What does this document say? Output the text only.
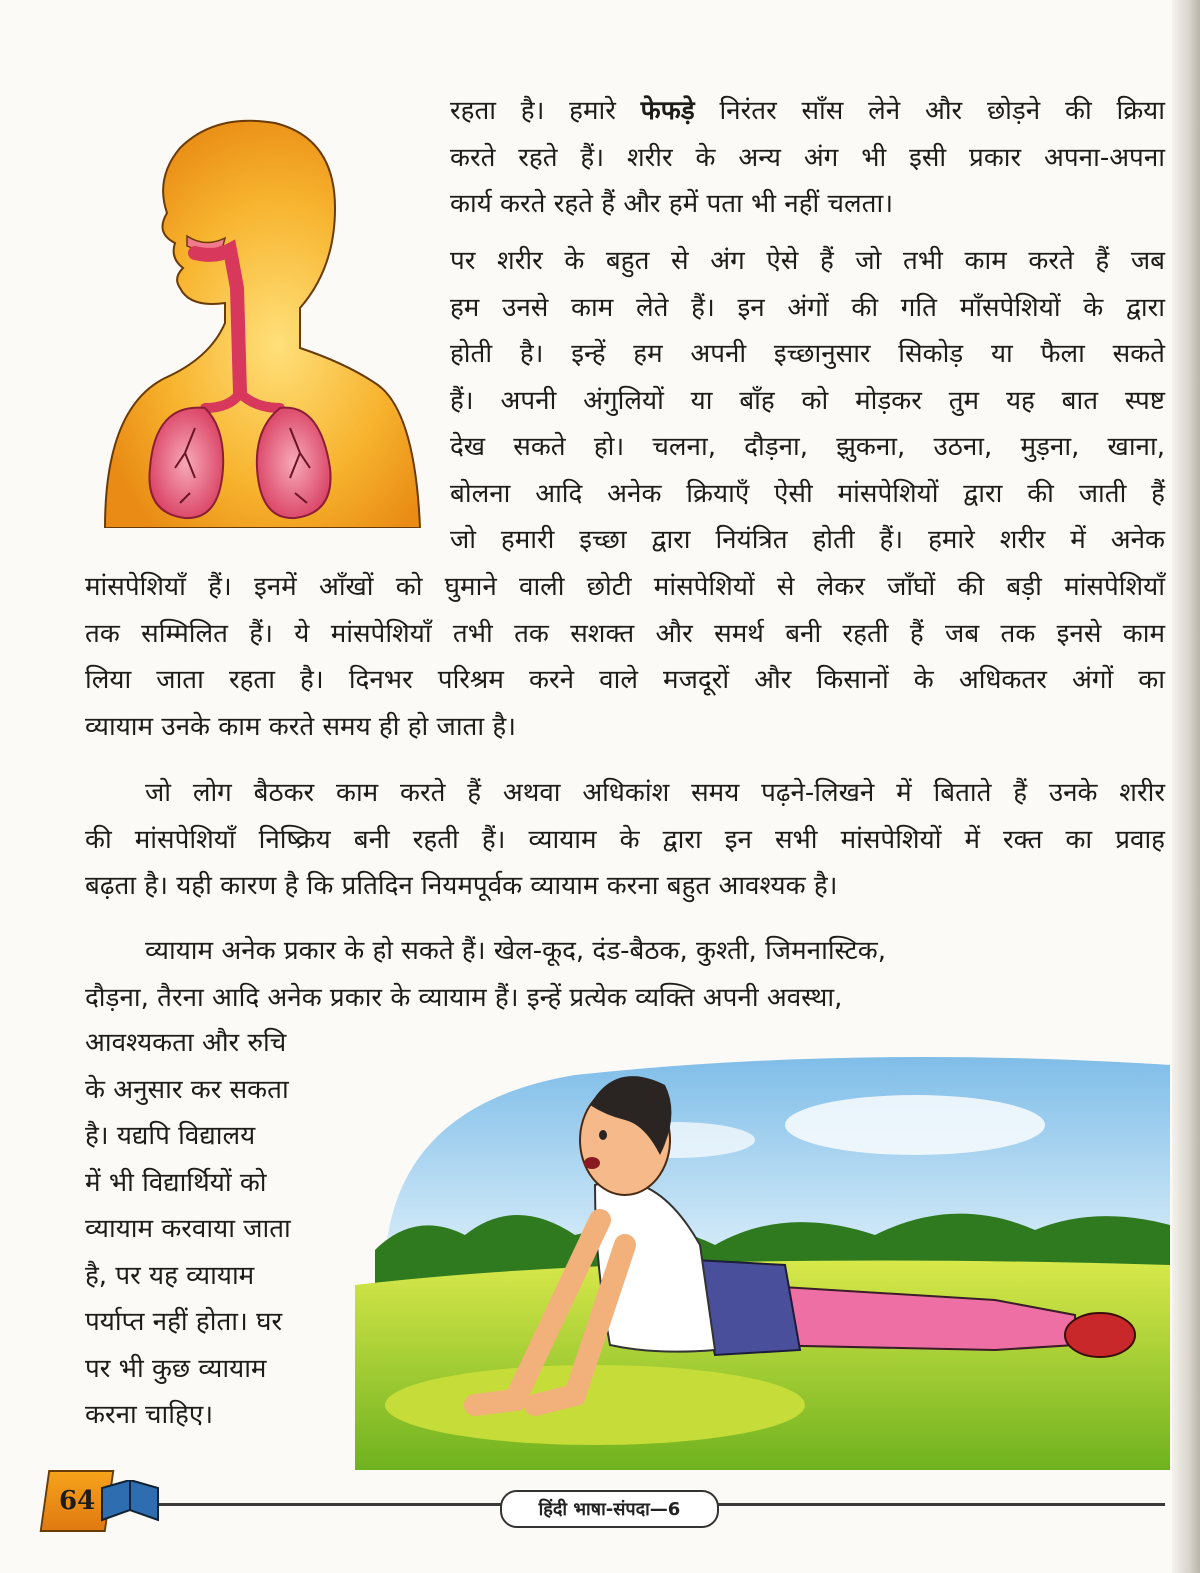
रहता है। हमारे फेफड़े निरंतर साँस लेने और छोड़ने की क्रिया
करते रहते हैं। शरीर के अन्य अंग भी इसी प्रकार अपना-अपना
कार्य करते रहते हैं और हमें पता भी नहीं चलता।
पर शरीर के बहुत से अंग ऐसे हैं जो तभी काम करते हैं जब
हम उनसे काम लेते हैं। इन अंगों की गति माँसपेशियों के द्वारा
होती है। इन्हें हम अपनी इच्छानुसार सिकोड़ या फैला सकते
हैं। अपनी अंगुलियों या बाँह को मोड़कर तुम यह बात स्पष्ट
देख सकते हो। चलना, दौड़ना, झुकना, उठना, मुड़ना, खाना,
बोलना आदि अनेक क्रियाएँ ऐसी मांसपेशियों द्वारा की जाती हैं
जो हमारी इच्छा द्वारा नियंत्रित होती हैं। हमारे शरीर में अनेक
मांसपेशियाँ हैं। इनमें आँखों को घुमाने वाली छोटी मांसपेशियों से लेकर जाँघों की बड़ी मांसपेशियाँ
तक सम्मिलित हैं। ये मांसपेशियाँ तभी तक सशक्त और समर्थ बनी रहती हैं जब तक इनसे काम
लिया जाता रहता है। दिनभर परिश्रम करने वाले मजदूरों और किसानों के अधिकतर अंगों का
व्यायाम उनके काम करते समय ही हो जाता है।
जो लोग बैठकर काम करते हैं अथवा अधिकांश समय पढ़ने-लिखने में बिताते हैं उनके शरीर
की मांसपेशियाँ निष्क्रिय बनी रहती हैं। व्यायाम के द्वारा इन सभी मांसपेशियों में रक्त का प्रवाह
बढ़ता है। यही कारण है कि प्रतिदिन नियमपूर्वक व्यायाम करना बहुत आवश्यक है।
व्यायाम अनेक प्रकार के हो सकते हैं। खेल-कूद, दंड-बैठक, कुश्ती, जिमनास्टिक,
दौड़ना, तैरना आदि अनेक प्रकार के व्यायाम हैं। इन्हें प्रत्येक व्यक्ति अपनी अवस्था,
आवश्यकता और रुचि
के अनुसार कर सकता
है। यद्यपि विद्यालय
में भी विद्यार्थियों को
व्यायाम करवाया जाता
है, पर यह व्यायाम
पर्याप्त नहीं होता। घर
पर भी कुछ व्यायाम
करना चाहिए।
64	हिंदी भाषा-संपदा—6
